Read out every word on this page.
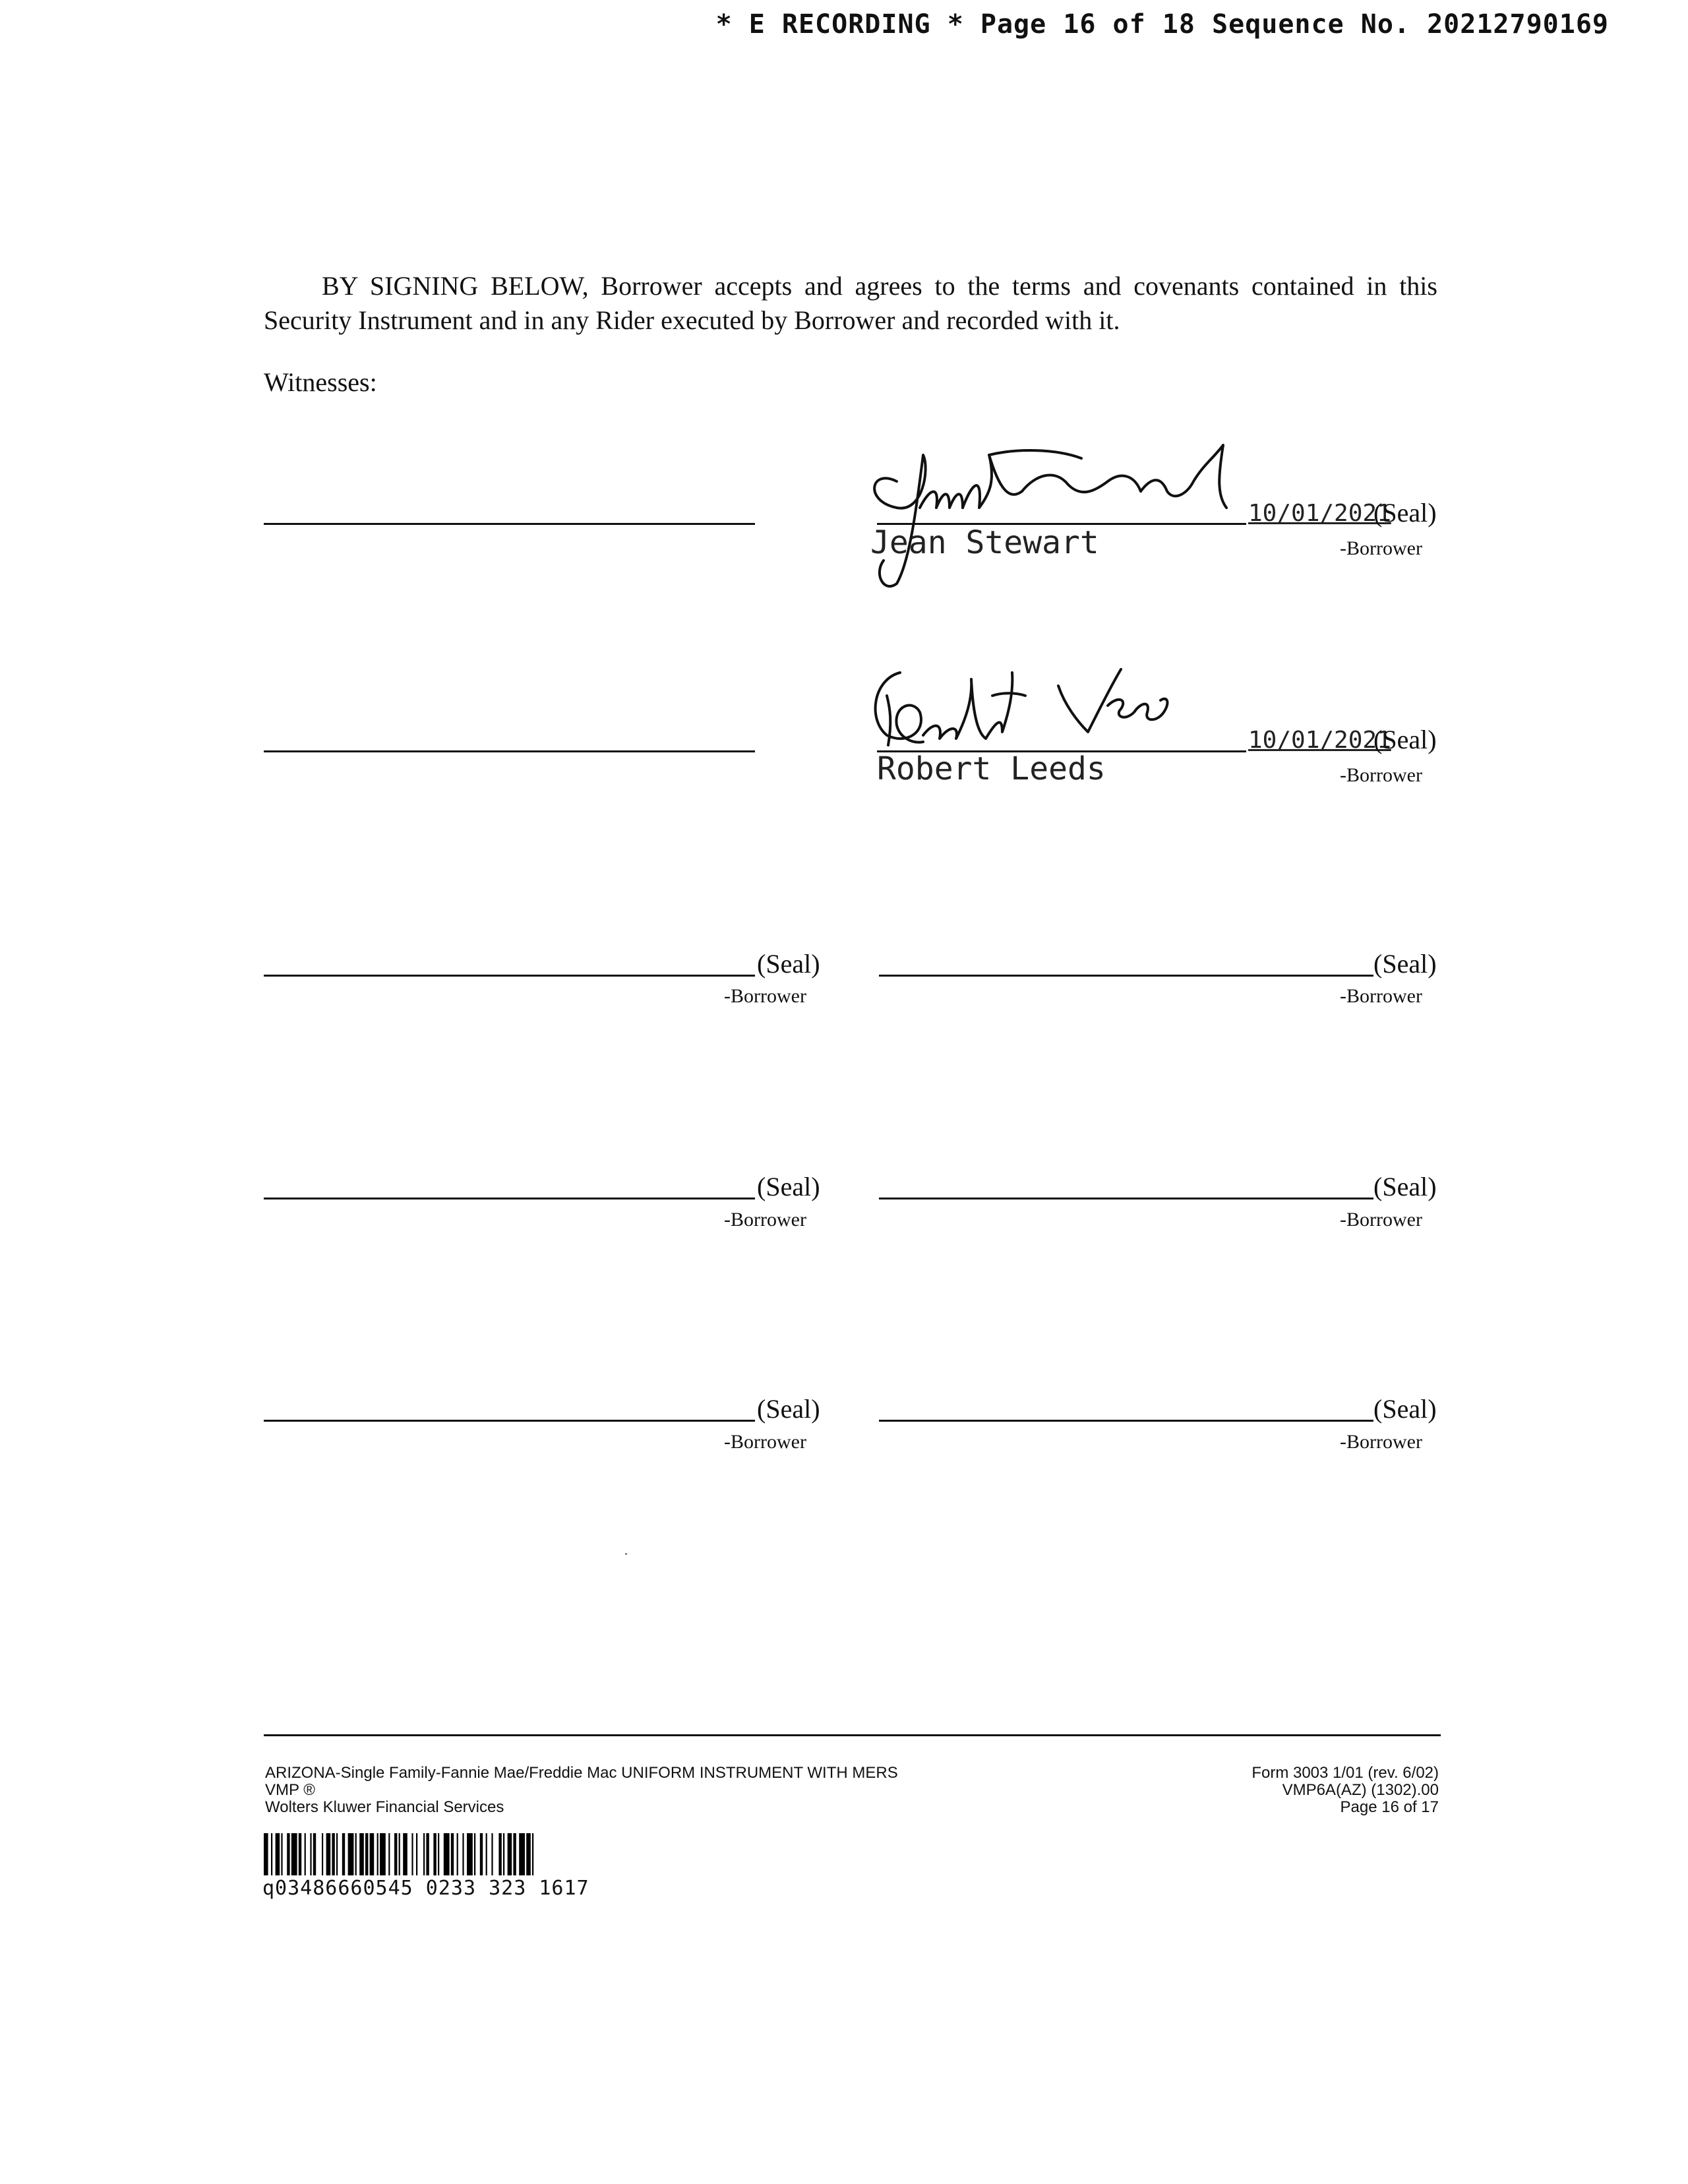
* E RECORDING * Page 16 of 18 Sequence No. 20212790169

BY SIGNING BELOW, Borrower accepts and agrees to the terms and covenants contained in this Security Instrument and in any Rider executed by Borrower and recorded with it.

Witnesses:
Jean Stewart
10/01/2021
(Seal)
-Borrower
Robert Leeds
10/01/2021
(Seal)
-Borrower
(Seal)
-Borrower
(Seal)
-Borrower
(Seal)
-Borrower
(Seal)
-Borrower
(Seal)
-Borrower
(Seal)
-Borrower
ARIZONA-Single Family-Fannie Mae/Freddie Mac UNIFORM INSTRUMENT WITH MERS
VMP ®
Wolters Kluwer Financial Services
Form 3003 1/01 (rev. 6/02)
VMP6A(AZ) (1302).00
Page 16 of 17
q03486660545 0233 323 1617
